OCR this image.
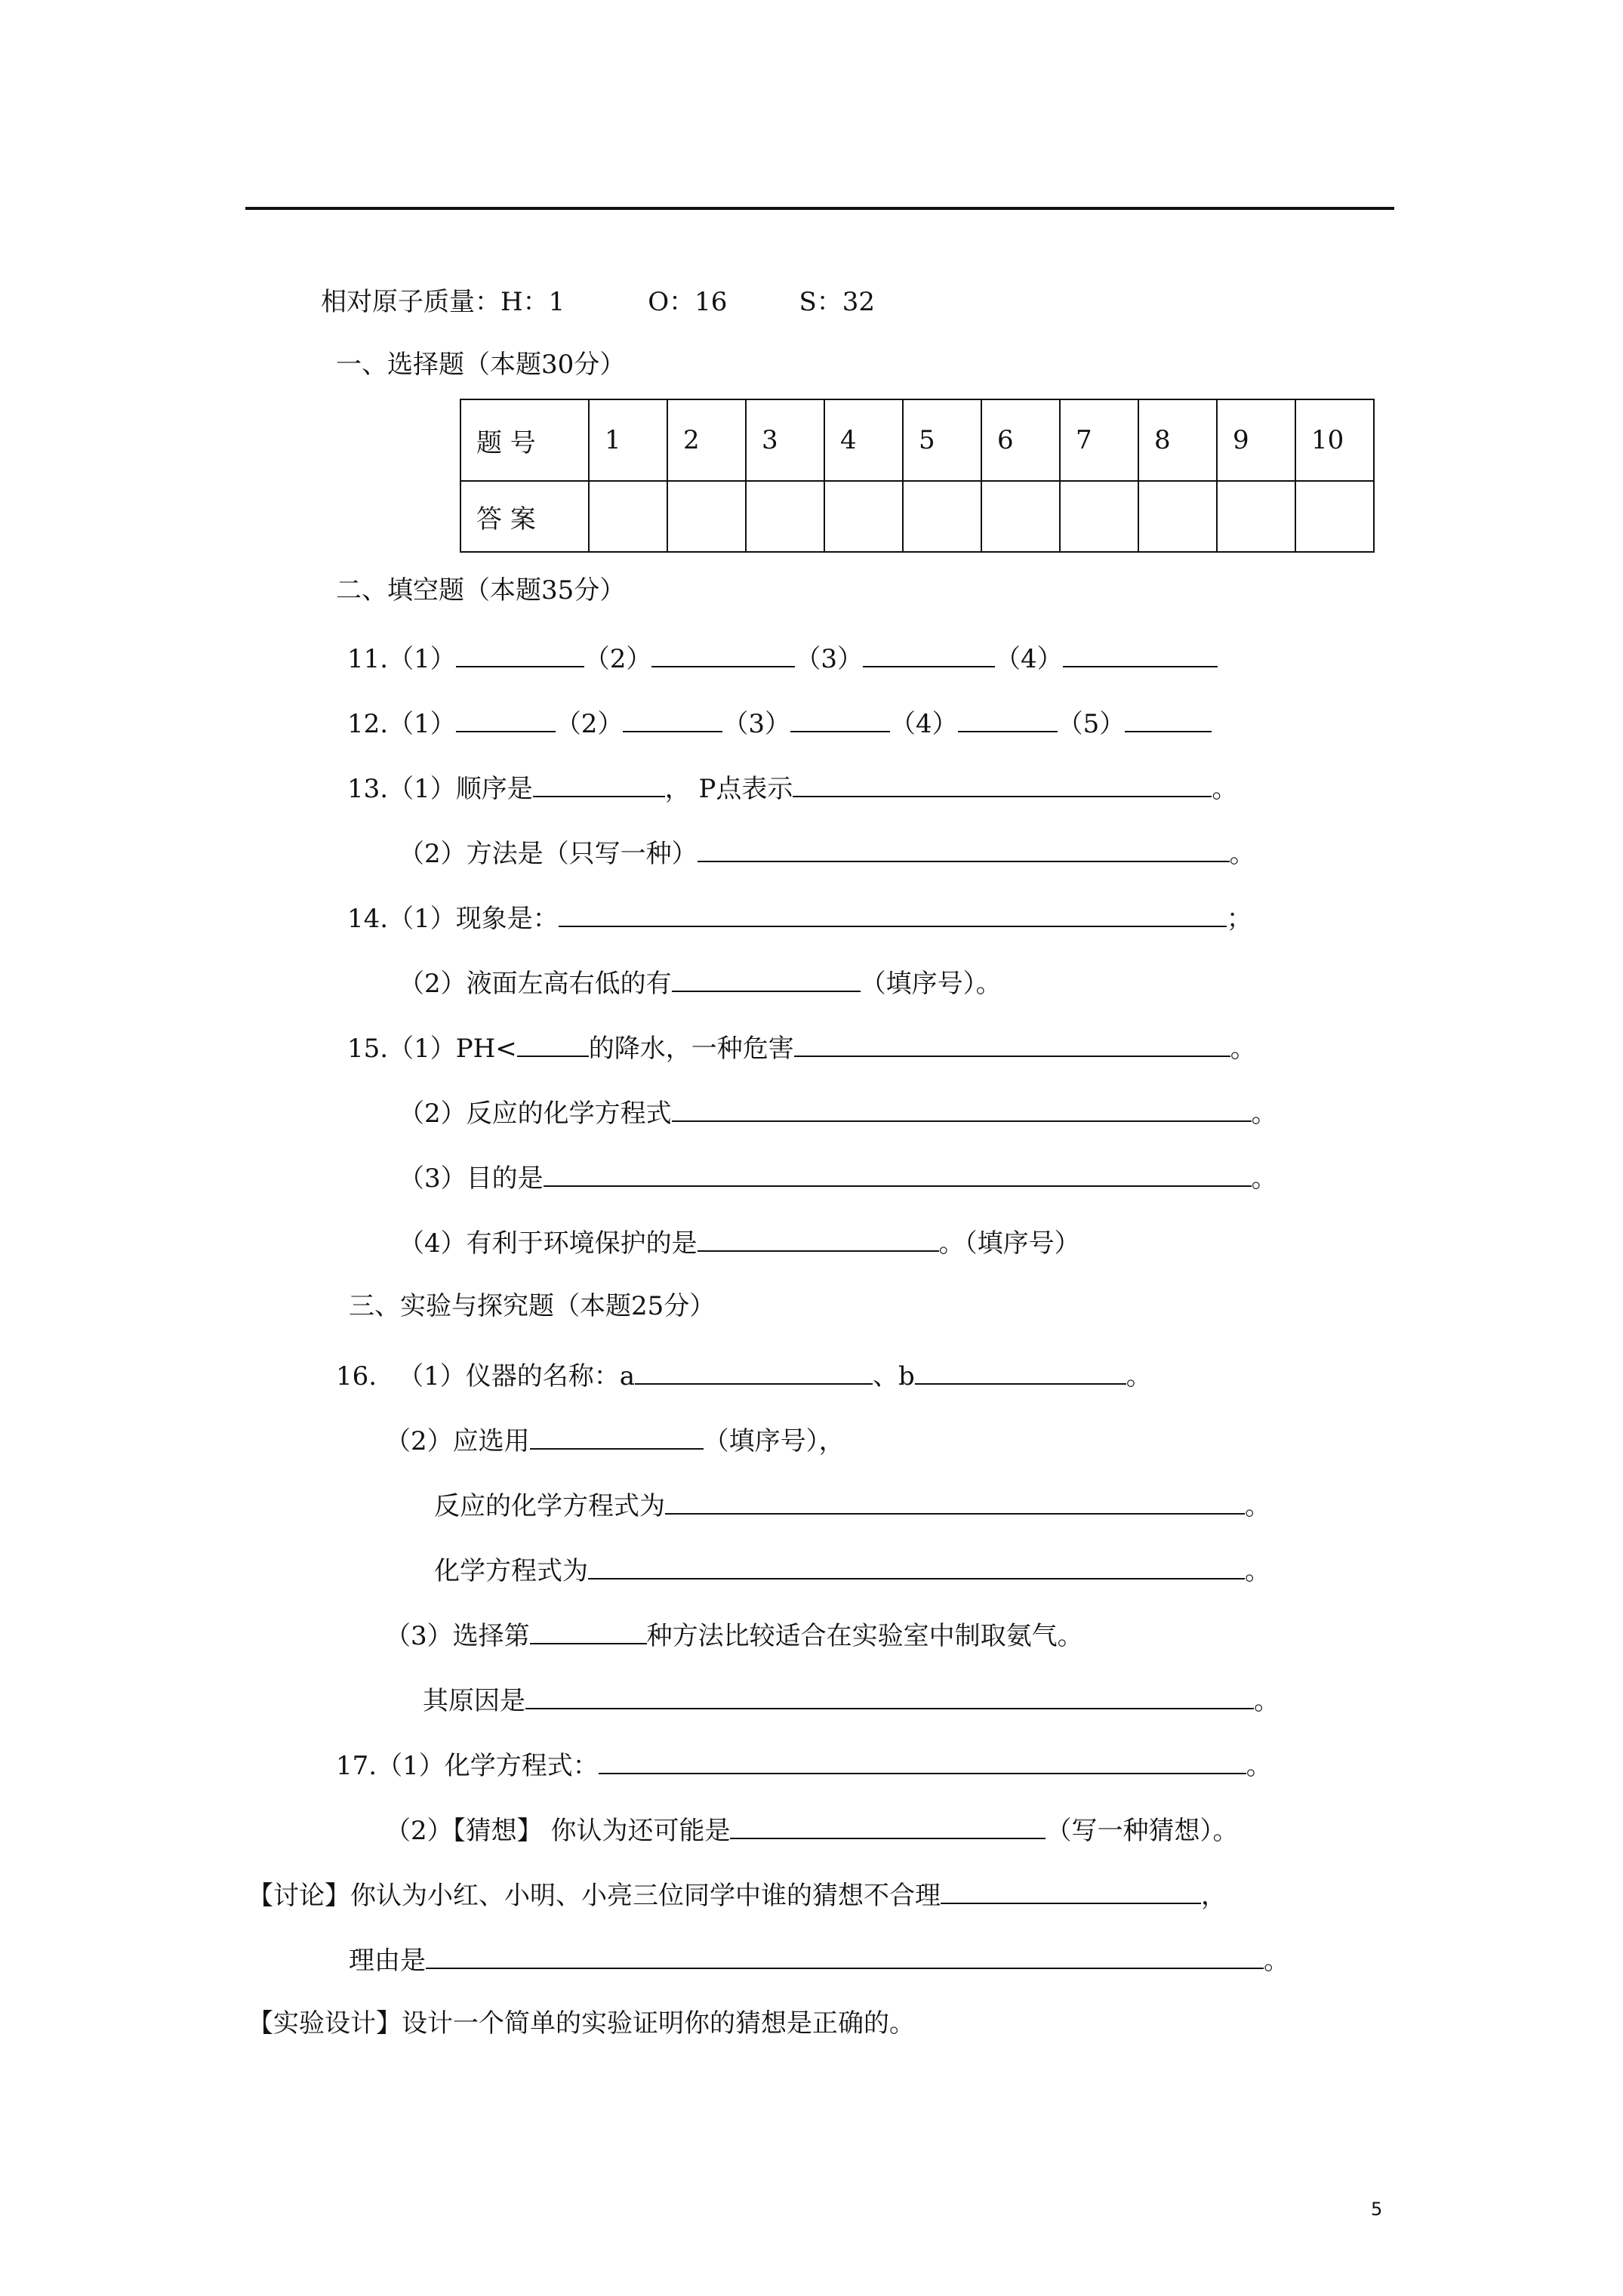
相对原子质量：H：1	O：16	S：32
一、选择题（本题30分）
题 号	1	2	3	4	5	6	7	8	9	10
答 案										
二、填空题（本题35分）
11.（1）	（2）	（3）	（4）
12.（1）	（2）	（3）	（4）	（5）
13.（1）顺序是	， P点表示	。
（2）方法是（只写一种）	。
14.（1）现象是：	；
（2）液面左高右低的有	（填序号）。
15.（1）PH<	的降水，一种危害	。
（2）反应的化学方程式	。
（3）目的是	。
（4）有利于环境保护的是	。（填序号）
三、实验与探究题（本题25分）
16. （1）仪器的名称：a	、b	。
（2）应选用	（填序号），
反应的化学方程式为	。
化学方程式为	。
（3）选择第	种方法比较适合在实验室中制取氨气。
其原因是	。
17.（1）化学方程式：	。
（2）【猜想】 你认为还可能是	（写一种猜想）。
【讨论】你认为小红、小明、小亮三位同学中谁的猜想不合理	，
理由是	。
【实验设计】设计一个简单的实验证明你的猜想是正确的。
5
